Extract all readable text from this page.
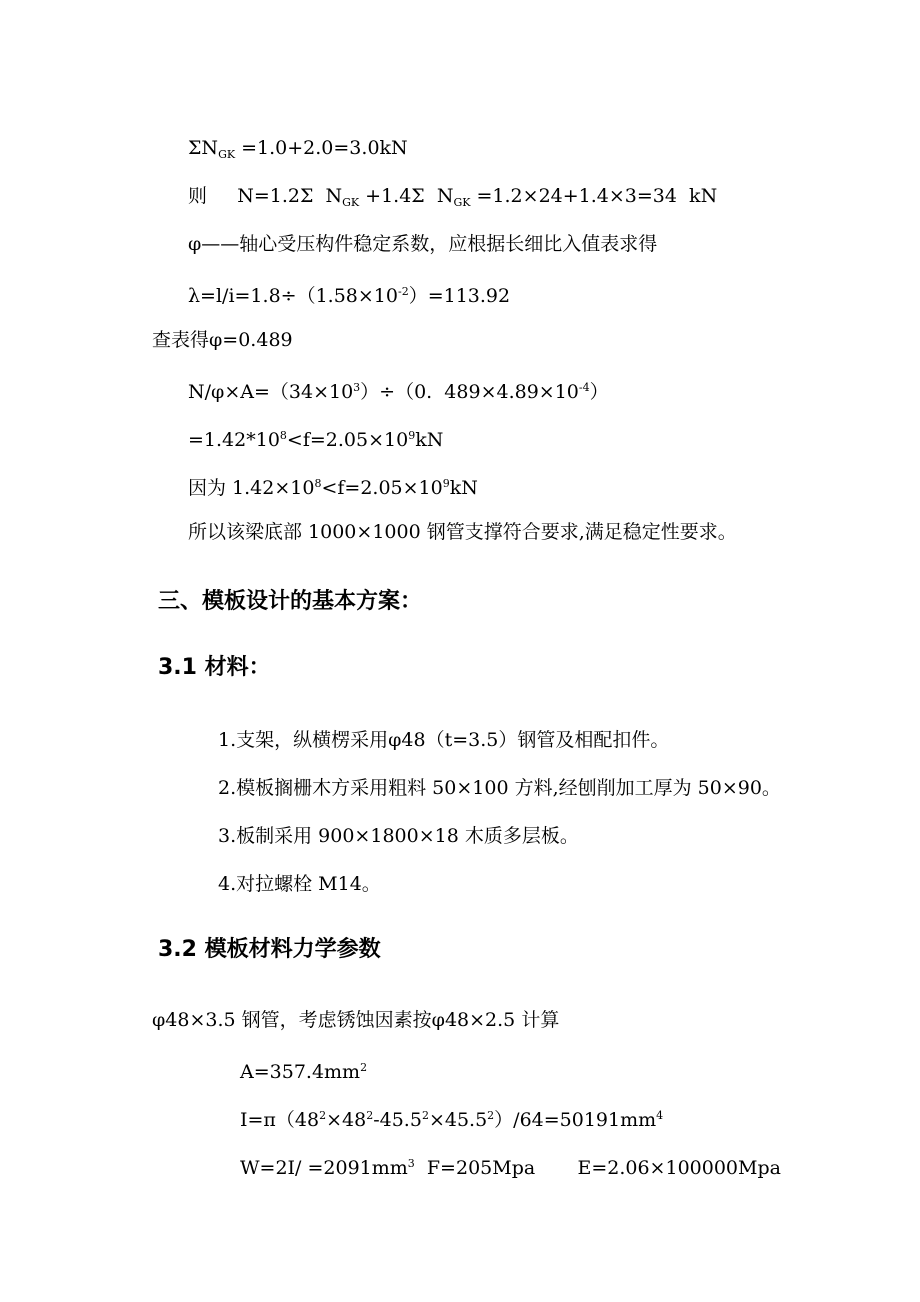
$\Sigma N_{GK} =1.0+2.0=3.0kN$
则     N=1.2Σ  $N_{GK} +1.4\Sigma$  $N_{GK} =1.2\times 24+1.4\times 3=34$  kN
φ——轴心受压构件稳定系数，应根据长细比入值表求得
$\lambda=l/i=1.8\div(1.58\times 10^{-2})=113.92$
查表得φ=0.489
$N/\varphi\times A=(34\times 10^3)\div(0$.  $489\times 4.89\times 10^{-4}$）
$=1.42*10^8<f=2.05\times 10^9kN$
因为 $1.42\times 10^8<f=2.05\times 10^9kN$
所以该梁底部 1000×1000 钢管支撑符合要求,满足稳定性要求。
三、模板设计的基本方案：
3.1 材料：
1.支架，纵横楞采用φ48（t=3.5）钢管及相配扣件。
2.模板搁栅木方采用粗料 50×100 方料,经刨削加工厚为 50×90。
3.板制采用 900×1800×18 木质多层板。
4.对拉螺栓 M14。
3.2 模板材料力学参数
φ48×3.5 钢管，考虑锈蚀因素按φ48×2.5 计算
$A=357.4mm^2$
$I=\pi(48^2\times 48^2-45.5^2\times 45.5^2)/64=50191mm^4$
$W=2I/ =2091mm^3$  F=205Mpa       E=2.06×100000Mpa
